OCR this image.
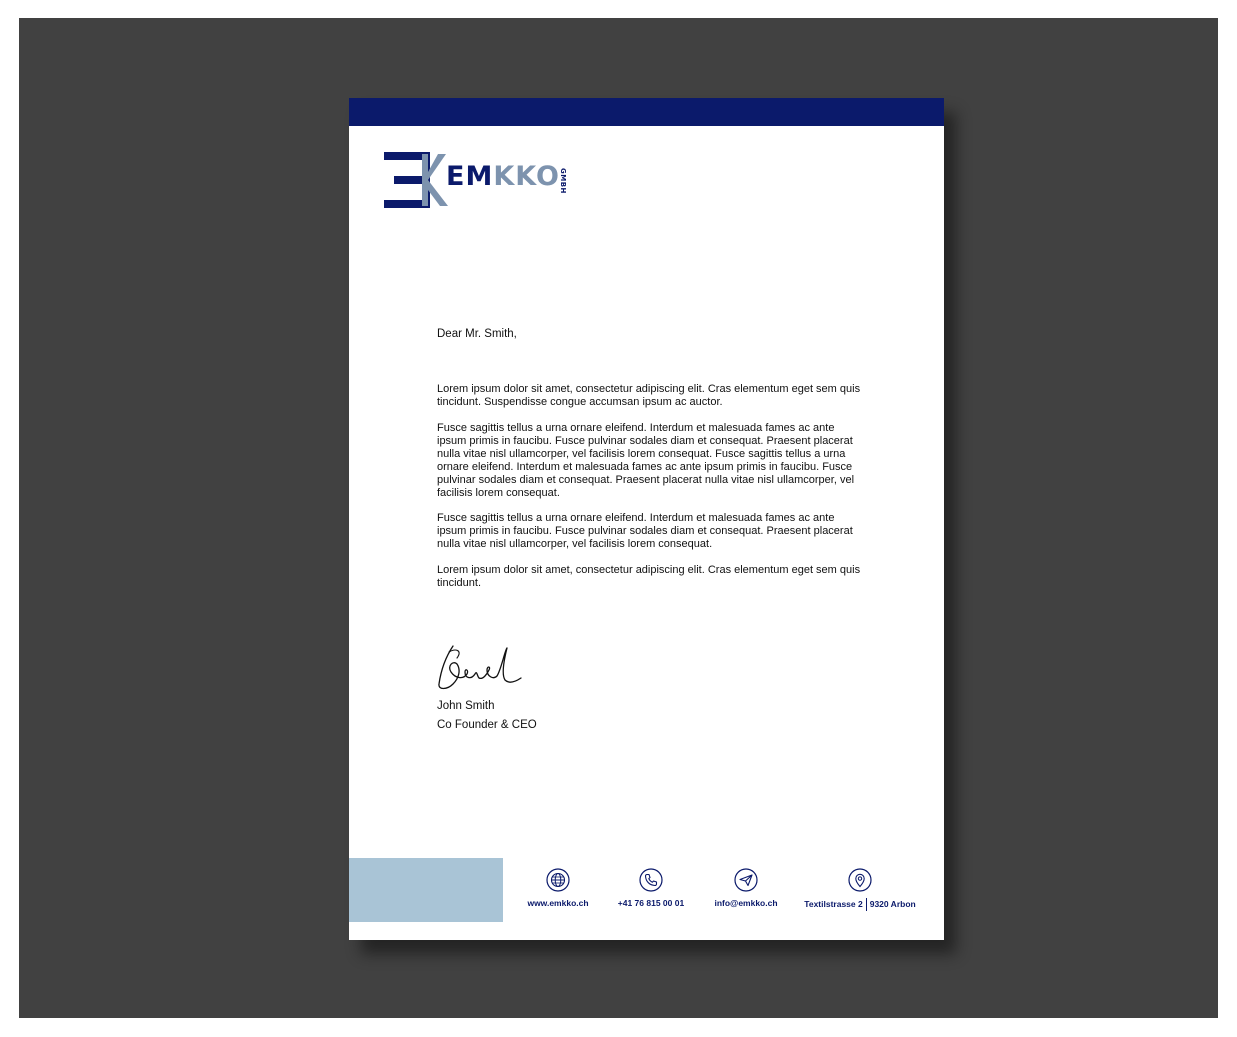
EMKKO GMBH
Dear Mr. Smith,

Lorem ipsum dolor sit amet, consectetur adipiscing elit. Cras elementum eget sem quis tincidunt. Suspendisse congue accumsan ipsum ac auctor.

Fusce sagittis tellus a urna ornare eleifend. Interdum et malesuada fames ac ante ipsum primis in faucibu. Fusce pulvinar sodales diam et consequat. Praesent placerat nulla vitae nisl ullamcorper, vel facilisis lorem consequat. Fusce sagittis tellus a urna ornare eleifend. Interdum et malesuada fames ac ante ipsum primis in faucibu. Fusce pulvinar sodales diam et consequat. Praesent placerat nulla vitae nisl ullamcorper, vel facilisis lorem consequat.

Fusce sagittis tellus a urna ornare eleifend. Interdum et malesuada fames ac ante ipsum primis in faucibu. Fusce pulvinar sodales diam et consequat. Praesent placerat nulla vitae nisl ullamcorper, vel facilisis lorem consequat.

Lorem ipsum dolor sit amet, consectetur adipiscing elit. Cras elementum eget sem quis tincidunt.

John Smith
Co Founder & CEO
www.emkko.ch	+41 76 815 00 01	info@emkko.ch	Textilstrasse 2 9320 Arbon
